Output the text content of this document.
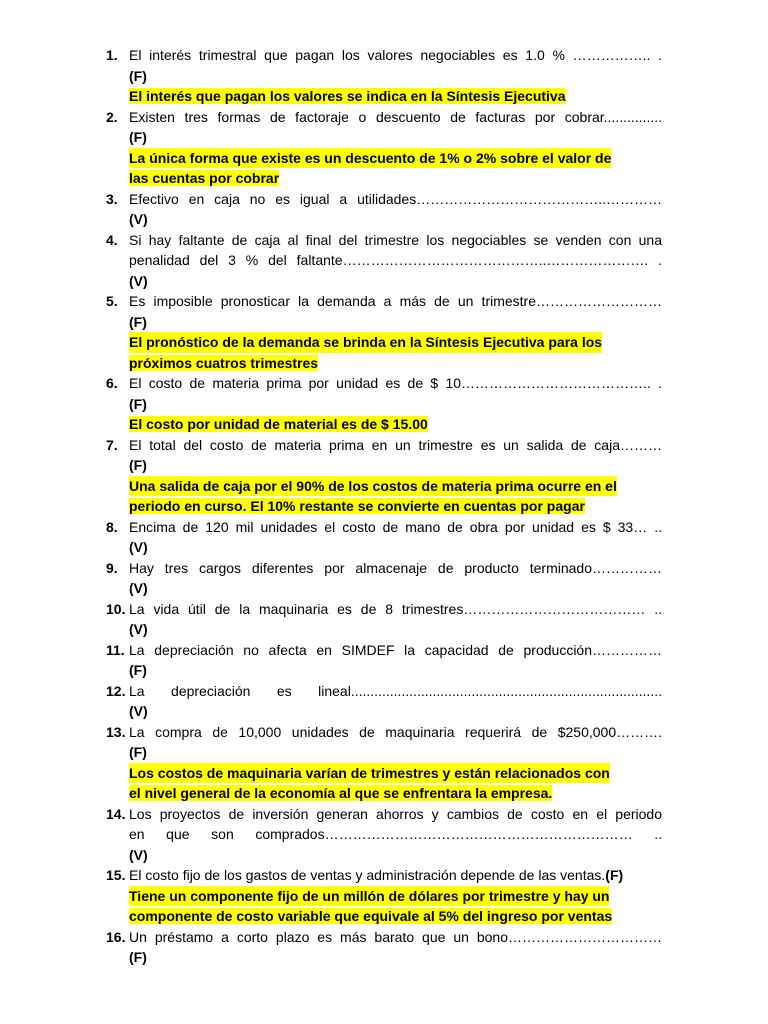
1. El interés trimestral que pagan los valores negociables es 1.0 % …………….. .
(F)
El interés que pagan los valores se indica en la Síntesis Ejecutiva
2. Existen tres formas de factoraje o descuento de facturas por cobrar...............
(F)
La única forma que existe es un descuento de 1% o 2% sobre el valor de
las cuentas por cobrar
3. Efectivo en caja no es igual a utilidades…………………………………..…………
(V)
4. Si hay faltante de caja al final del trimestre los negociables se venden con una
penalidad del 3 % del faltante……………………………………..…………………. .
(V)
5. Es imposible pronosticar la demanda a más de un trimestre………………………
(F)
El pronóstico de la demanda se brinda en la Síntesis Ejecutiva para los
próximos cuatros trimestres
6. El costo de materia prima por unidad es de $ 10………………………………….. .
(F)
El costo por unidad de material es de $ 15.00
7. El total del costo de materia prima en un trimestre es un salida de caja………
(F)
Una salida de caja por el 90% de los costos de materia prima ocurre en el
periodo en curso. El 10% restante se convierte en cuentas por pagar
8. Encima de 120 mil unidades el costo de mano de obra por unidad es $ 33… ..
(V)
9. Hay tres cargos diferentes por almacenaje de producto terminado……………
(V)
10. La vida útil de la maquinaria es de 8 trimestres………………………………… ..
(V)
11. La depreciación no afecta en SIMDEF la capacidad de producción……………
(F)
12. La depreciación es lineal................................................................................
(V)
13. La compra de 10,000 unidades de maquinaria requerirá de $250,000……….
(F)
Los costos de maquinaria varían de trimestres y están relacionados con
el nivel general de la economía al que se enfrentara la empresa.
14. Los proyectos de inversión generan ahorros y cambios de costo en el periodo
en que son comprados………………………………………………………… ..
(V)
15. El costo fijo de los gastos de ventas y administración depende de las ventas.(F)
Tiene un componente fijo de un millón de dólares por trimestre y hay un
componente de costo variable que equivale al 5% del ingreso por ventas
16. Un préstamo a corto plazo es más barato que un bono……………………………
(F)
